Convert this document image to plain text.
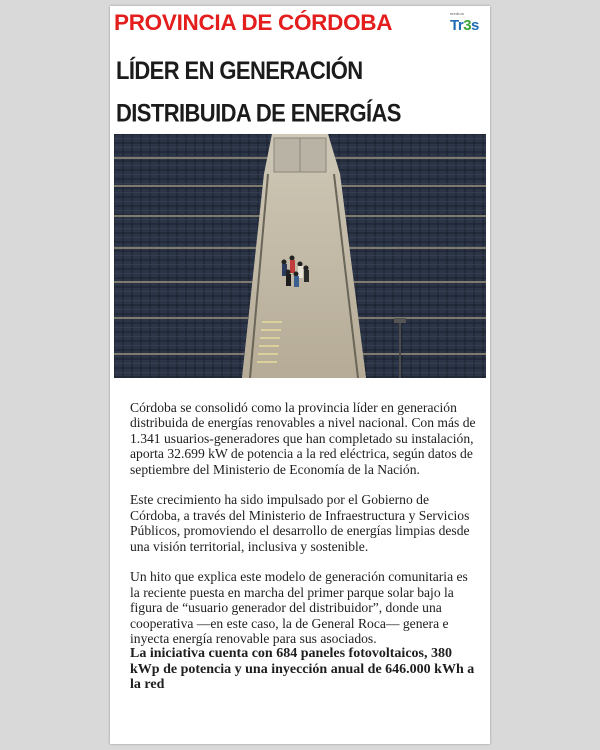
PROVINCIA DE CÓRDOBA	medios
Tr3s
LÍDER EN GENERACIÓN DISTRIBUIDA DE ENERGÍAS

Córdoba se consolidó como la provincia líder en generación distribuida de energías renovables a nivel nacional. Con más de 1.341 usuarios-generadores que han completado su instalación, aporta 32.699 kW de potencia a la red eléctrica, según datos de septiembre del Ministerio de Economía de la Nación.

Este crecimiento ha sido impulsado por el Gobierno de Córdoba, a través del Ministerio de Infraestructura y Servicios Públicos, promoviendo el desarrollo de energías limpias desde una visión territorial, inclusiva y sostenible.

Un hito que explica este modelo de generación comunitaria es la reciente puesta en marcha del primer parque solar bajo la figura de “usuario generador del distribuidor”, donde una cooperativa —en este caso, la de General Roca— genera e inyecta energía renovable para sus asociados.

La iniciativa cuenta con 684 paneles fotovoltaicos, 380 kWp de potencia y una inyección anual de 646.000 kWh a la red
